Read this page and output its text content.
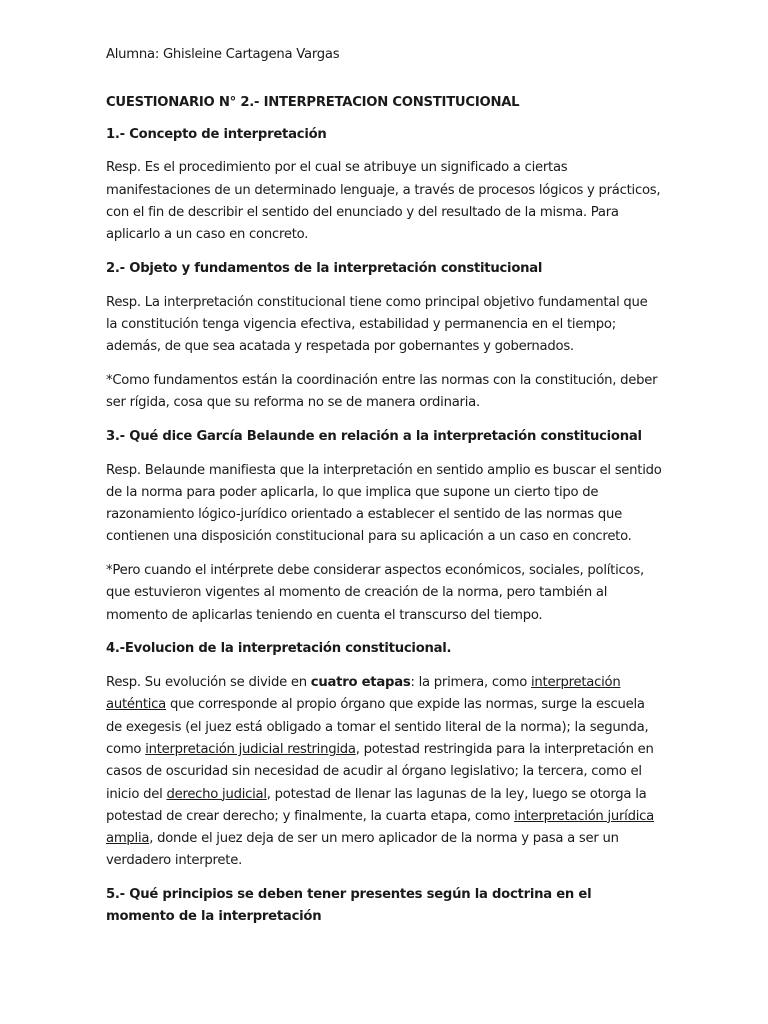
Alumna: Ghisleine Cartagena Vargas

CUESTIONARIO N° 2.- INTERPRETACION CONSTITUCIONAL

1.- Concepto de interpretación

Resp. Es el procedimiento por el cual se atribuye un significado a ciertas manifestaciones de un determinado lenguaje, a través de procesos lógicos y prácticos, con el fin de describir el sentido del enunciado y del resultado de la misma. Para aplicarlo a un caso en concreto.

2.- Objeto y fundamentos de la interpretación constitucional

Resp. La interpretación constitucional tiene como principal objetivo fundamental que la constitución tenga vigencia efectiva, estabilidad y permanencia en el tiempo; además, de que sea acatada y respetada por gobernantes y gobernados.

*Como fundamentos están la coordinación entre las normas con la constitución, deber ser rígida, cosa que su reforma no se de manera ordinaria.

3.- Qué dice García Belaunde en relación a la interpretación constitucional

Resp. Belaunde manifiesta que la interpretación en sentido amplio es buscar el sentido de la norma para poder aplicarla, lo que implica que supone un cierto tipo de razonamiento lógico-jurídico orientado a establecer el sentido de las normas que contienen una disposición constitucional para su aplicación a un caso en concreto.

*Pero cuando el intérprete debe considerar aspectos económicos, sociales, políticos, que estuvieron vigentes al momento de creación de la norma, pero también al momento de aplicarlas teniendo en cuenta el transcurso del tiempo.

4.-Evolucion de la interpretación constitucional.

Resp. Su evolución se divide en cuatro etapas: la primera, como interpretación auténtica que corresponde al propio órgano que expide las normas, surge la escuela de exegesis (el juez está obligado a tomar el sentido literal de la norma); la segunda, como interpretación judicial restringida, potestad restringida para la interpretación en casos de oscuridad sin necesidad de acudir al órgano legislativo; la tercera, como el inicio del derecho judicial, potestad de llenar las lagunas de la ley, luego se otorga la potestad de crear derecho; y finalmente, la cuarta etapa, como interpretación jurídica amplia, donde el juez deja de ser un mero aplicador de la norma y pasa a ser un verdadero interprete.

5.- Qué principios se deben tener presentes según la doctrina en el momento de la interpretación
